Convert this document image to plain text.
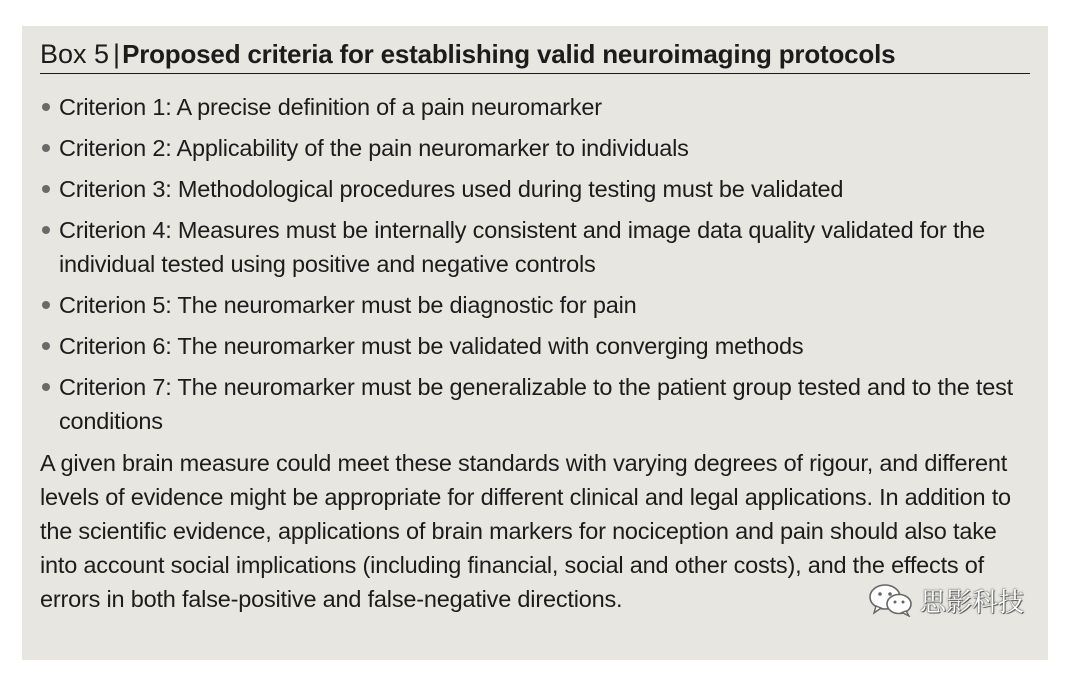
Box 5 |Proposed criteria for establishing valid neuroimaging protocols
Criterion 1: A precise definition of a pain neuromarker
Criterion 2: Applicability of the pain neuromarker to individuals
Criterion 3: Methodological procedures used during testing must be validated
Criterion 4: Measures must be internally consistent and image data quality validated for the individual tested using positive and negative controls
Criterion 5: The neuromarker must be diagnostic for pain
Criterion 6: The neuromarker must be validated with converging methods
Criterion 7: The neuromarker must be generalizable to the patient group tested and to the test conditions

A given brain measure could meet these standards with varying degrees of rigour, and different levels of evidence might be appropriate for different clinical and legal applications. In addition to the scientific evidence, applications of brain markers for nociception and pain should also take into account social implications (including financial, social and other costs), and the effects of errors in both false-positive and false-negative directions.	思影科技
